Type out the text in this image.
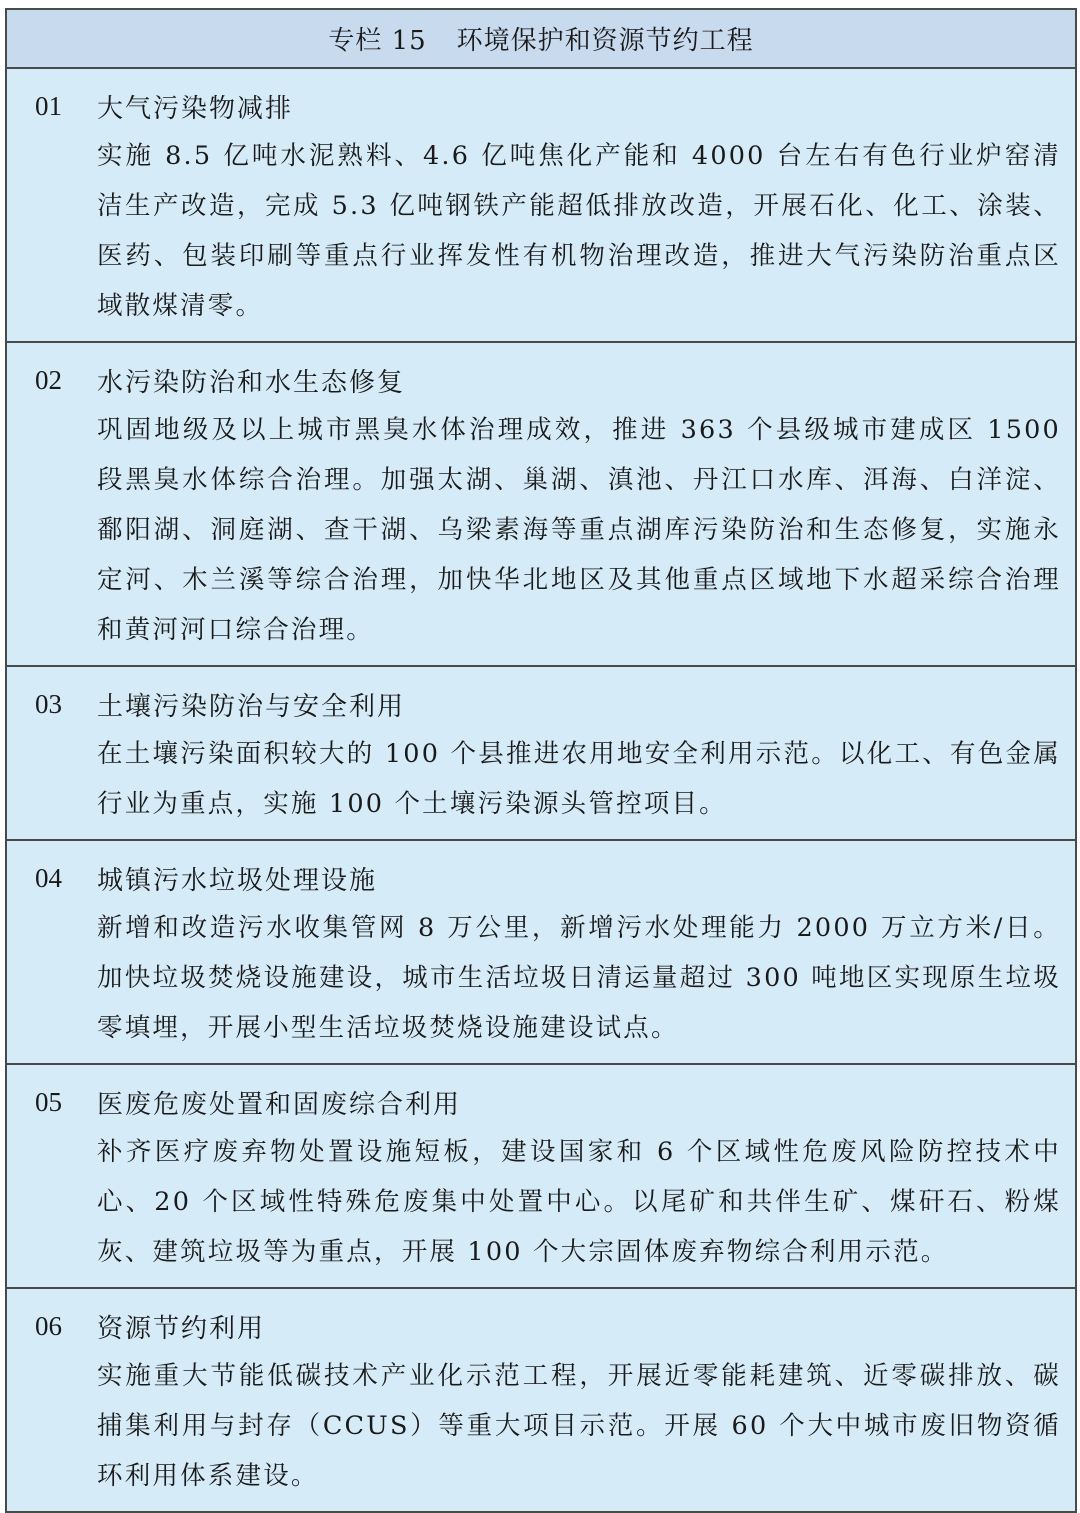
专栏 15 环境保护和资源节约工程
01	大气污染物减排
实施 8.5 亿吨水泥熟料、4.6 亿吨焦化产能和 4000 台左右有色行业炉窑清洁生产改造，完成 5.3 亿吨钢铁产能超低排放改造，开展石化、化工、涂装、医药、包装印刷等重点行业挥发性有机物治理改造，推进大气污染防治重点区域散煤清零。
02	水污染防治和水生态修复
巩固地级及以上城市黑臭水体治理成效，推进 363 个县级城市建成区 1500 段黑臭水体综合治理。加强太湖、巢湖、滇池、丹江口水库、洱海、白洋淀、鄱阳湖、洞庭湖、查干湖、乌梁素海等重点湖库污染防治和生态修复，实施永定河、木兰溪等综合治理，加快华北地区及其他重点区域地下水超采综合治理和黄河河口综合治理。
03	土壤污染防治与安全利用
在土壤污染面积较大的 100 个县推进农用地安全利用示范。以化工、有色金属行业为重点，实施 100 个土壤污染源头管控项目。
04	城镇污水垃圾处理设施
新增和改造污水收集管网 8 万公里，新增污水处理能力 2000 万立方米/日。加快垃圾焚烧设施建设，城市生活垃圾日清运量超过 300 吨地区实现原生垃圾零填埋，开展小型生活垃圾焚烧设施建设试点。
05	医废危废处置和固废综合利用
补齐医疗废弃物处置设施短板，建设国家和 6 个区域性危废风险防控技术中心、20 个区域性特殊危废集中处置中心。以尾矿和共伴生矿、煤矸石、粉煤灰、建筑垃圾等为重点，开展 100 个大宗固体废弃物综合利用示范。
06	资源节约利用
实施重大节能低碳技术产业化示范工程，开展近零能耗建筑、近零碳排放、碳捕集利用与封存（CCUS）等重大项目示范。开展 60 个大中城市废旧物资循环利用体系建设。
